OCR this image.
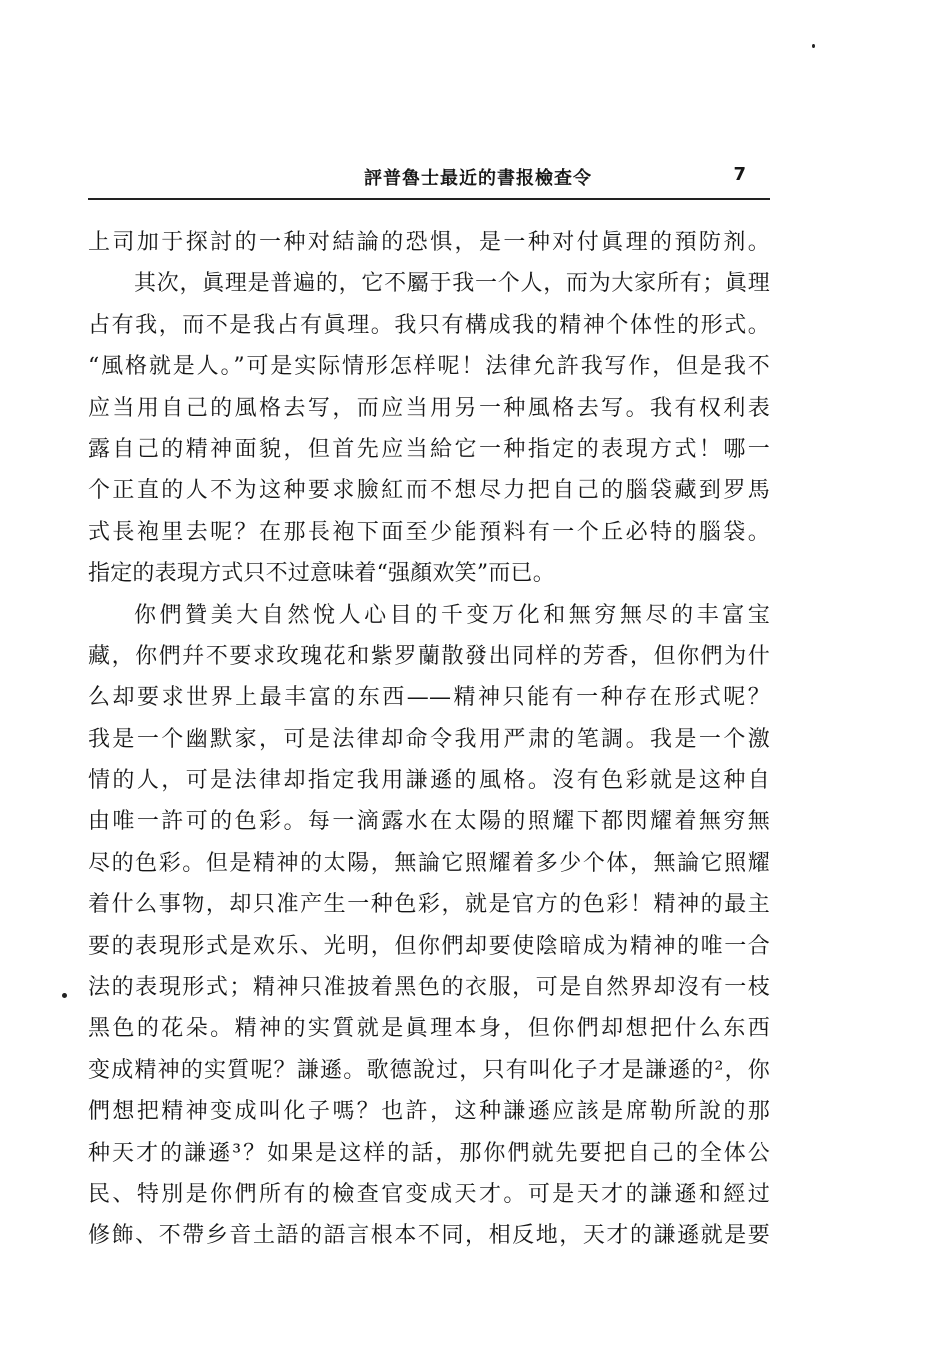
評普魯士最近的書报檢查令	7
上司加于探討的一种对結論的恐惧，是一种对付眞理的預防剂。
其次，眞理是普遍的，它不屬于我一个人，而为大家所有；眞理
占有我，而不是我占有眞理。我只有構成我的精神个体性的形式。
“風格就是人。”可是实际情形怎样呢！法律允許我写作，但是我不
应当用自己的風格去写，而应当用另一种風格去写。我有权利表
露自己的精神面貌，但首先应当給它一种指定的表現方式！哪一
个正直的人不为这种要求臉紅而不想尽力把自己的腦袋藏到罗馬
式長袍里去呢？在那長袍下面至少能預料有一个丘必特的腦袋。
指定的表現方式只不过意味着“强顏欢笑”而已。
你們贊美大自然悅人心目的千变万化和無穷無尽的丰富宝
藏，你們幷不要求玫瑰花和紫罗蘭散發出同样的芳香，但你們为什
么却要求世界上最丰富的东西——精神只能有一种存在形式呢？
我是一个幽默家，可是法律却命令我用严肃的笔調。我是一个激
情的人，可是法律却指定我用謙遜的風格。沒有色彩就是这种自
由唯一許可的色彩。每一滴露水在太陽的照耀下都閃耀着無穷無
尽的色彩。但是精神的太陽，無論它照耀着多少个体，無論它照耀
着什么事物，却只准产生一种色彩，就是官方的色彩！精神的最主
要的表現形式是欢乐、光明，但你們却要使陰暗成为精神的唯一合
法的表現形式；精神只准披着黑色的衣服，可是自然界却沒有一枝
黑色的花朵。精神的实質就是眞理本身，但你們却想把什么东西
变成精神的实質呢？謙遜。歌德說过，只有叫化子才是謙遜的²，你
們想把精神变成叫化子嗎？也許，这种謙遜应該是席勒所說的那
种天才的謙遜³？如果是这样的話，那你們就先要把自己的全体公
民、特別是你們所有的檢查官变成天才。可是天才的謙遜和經过
修飾、不帶乡音土語的語言根本不同，相反地，天才的謙遜就是要
